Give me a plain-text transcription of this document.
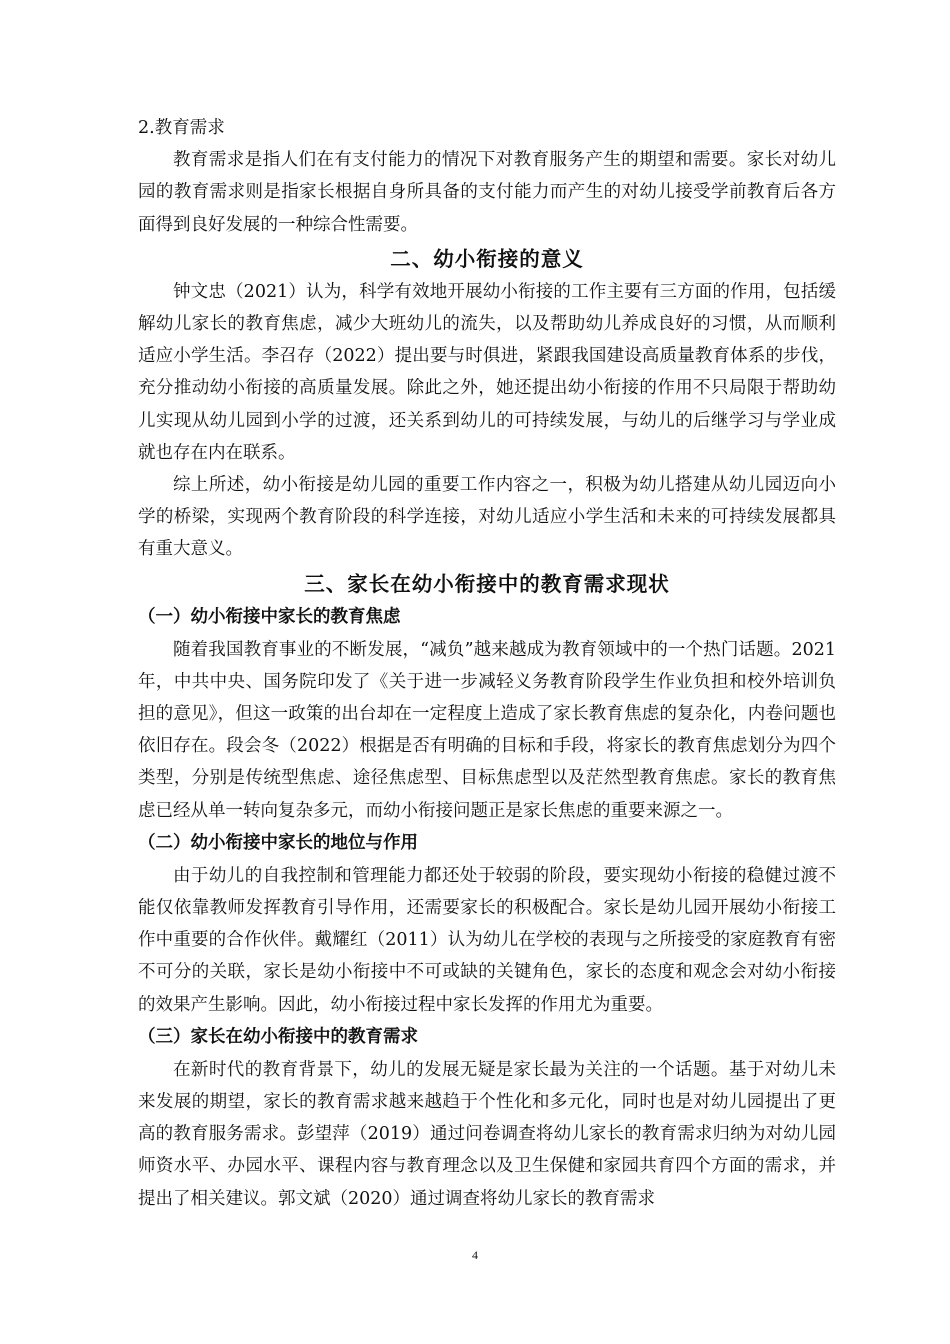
2.教育需求

教育需求是指人们在有支付能力的情况下对教育服务产生的期望和需要。家长对幼儿园的教育需求则是指家长根据自身所具备的支付能力而产生的对幼儿接受学前教育后各方面得到良好发展的一种综合性需要。

二、幼小衔接的意义

钟文忠（2021）认为，科学有效地开展幼小衔接的工作主要有三方面的作用，包括缓解幼儿家长的教育焦虑，减少大班幼儿的流失，以及帮助幼儿养成良好的习惯，从而顺利适应小学生活。李召存（2022）提出要与时俱进，紧跟我国建设高质量教育体系的步伐，充分推动幼小衔接的高质量发展。除此之外，她还提出幼小衔接的作用不只局限于帮助幼儿实现从幼儿园到小学的过渡，还关系到幼儿的可持续发展，与幼儿的后继学习与学业成就也存在内在联系。

综上所述，幼小衔接是幼儿园的重要工作内容之一，积极为幼儿搭建从幼儿园迈向小学的桥梁，实现两个教育阶段的科学连接，对幼儿适应小学生活和未来的可持续发展都具有重大意义。

三、家长在幼小衔接中的教育需求现状
（一）幼小衔接中家长的教育焦虑

随着我国教育事业的不断发展，“减负”越来越成为教育领域中的一个热门话题。2021年，中共中央、国务院印发了《关于进一步减轻义务教育阶段学生作业负担和校外培训负担的意见》，但这一政策的出台却在一定程度上造成了家长教育焦虑的复杂化，内卷问题也依旧存在。段会冬（2022）根据是否有明确的目标和手段，将家长的教育焦虑划分为四个类型，分别是传统型焦虑、途径焦虑型、目标焦虑型以及茫然型教育焦虑。家长的教育焦虑已经从单一转向复杂多元，而幼小衔接问题正是家长焦虑的重要来源之一。

（二）幼小衔接中家长的地位与作用

由于幼儿的自我控制和管理能力都还处于较弱的阶段，要实现幼小衔接的稳健过渡不能仅依靠教师发挥教育引导作用，还需要家长的积极配合。家长是幼儿园开展幼小衔接工作中重要的合作伙伴。戴耀红（2011）认为幼儿在学校的表现与之所接受的家庭教育有密不可分的关联，家长是幼小衔接中不可或缺的关键角色，家长的态度和观念会对幼小衔接的效果产生影响。因此，幼小衔接过程中家长发挥的作用尤为重要。

（三）家长在幼小衔接中的教育需求

在新时代的教育背景下，幼儿的发展无疑是家长最为关注的一个话题。基于对幼儿未来发展的期望，家长的教育需求越来越趋于个性化和多元化，同时也是对幼儿园提出了更高的教育服务需求。彭望萍（2019）通过问卷调查将幼儿家长的教育需求归纳为对幼儿园师资水平、办园水平、课程内容与教育理念以及卫生保健和家园共育四个方面的需求，并提出了相关建议。郭文斌（2020）通过调查将幼儿家长的教育需求

4
